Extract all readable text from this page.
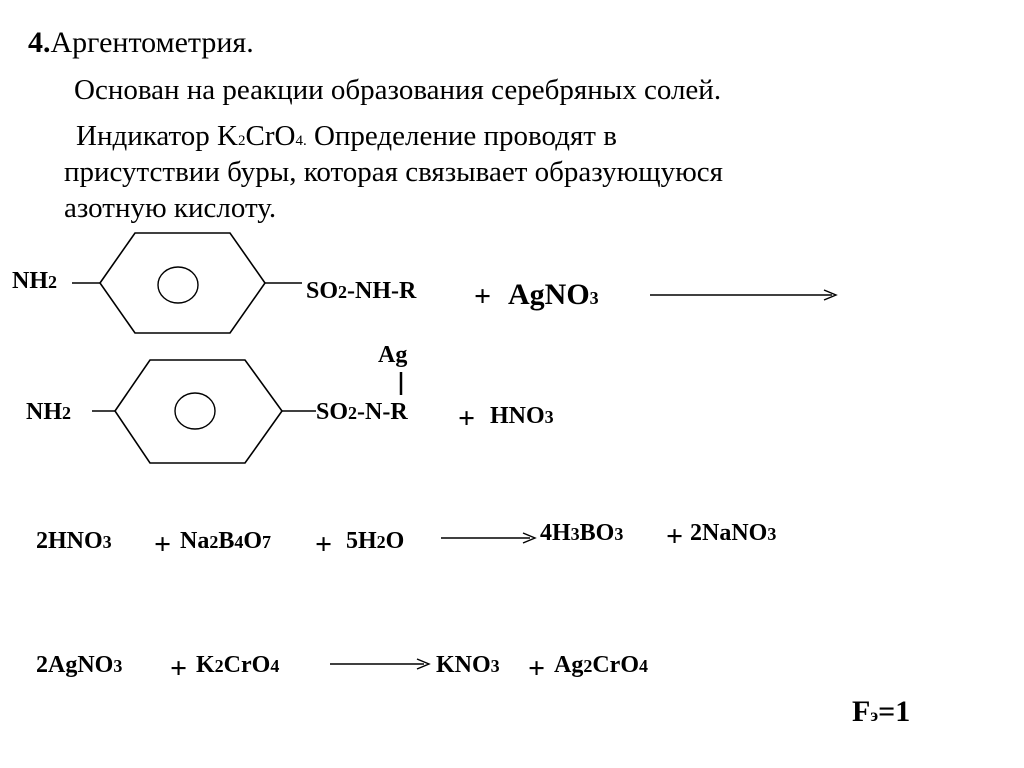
4.Аргентометрия.
Основан на реакции образования серебряных солей.
Индикатор K2CrO4. Определение проводят в
присутствии буры, которая связывает образующуюся
азотную кислоту.
NH2	SO2-NH-R + AgNO3
Ag
NH2	SO2-N-R + HNO3
2HNO3 + Na2B4O7 + 5H2O	4H3BO3 + 2NaNO3
2AgNO3 + K2CrO4	KNO3 + Ag2CrO4
Fэ=1
